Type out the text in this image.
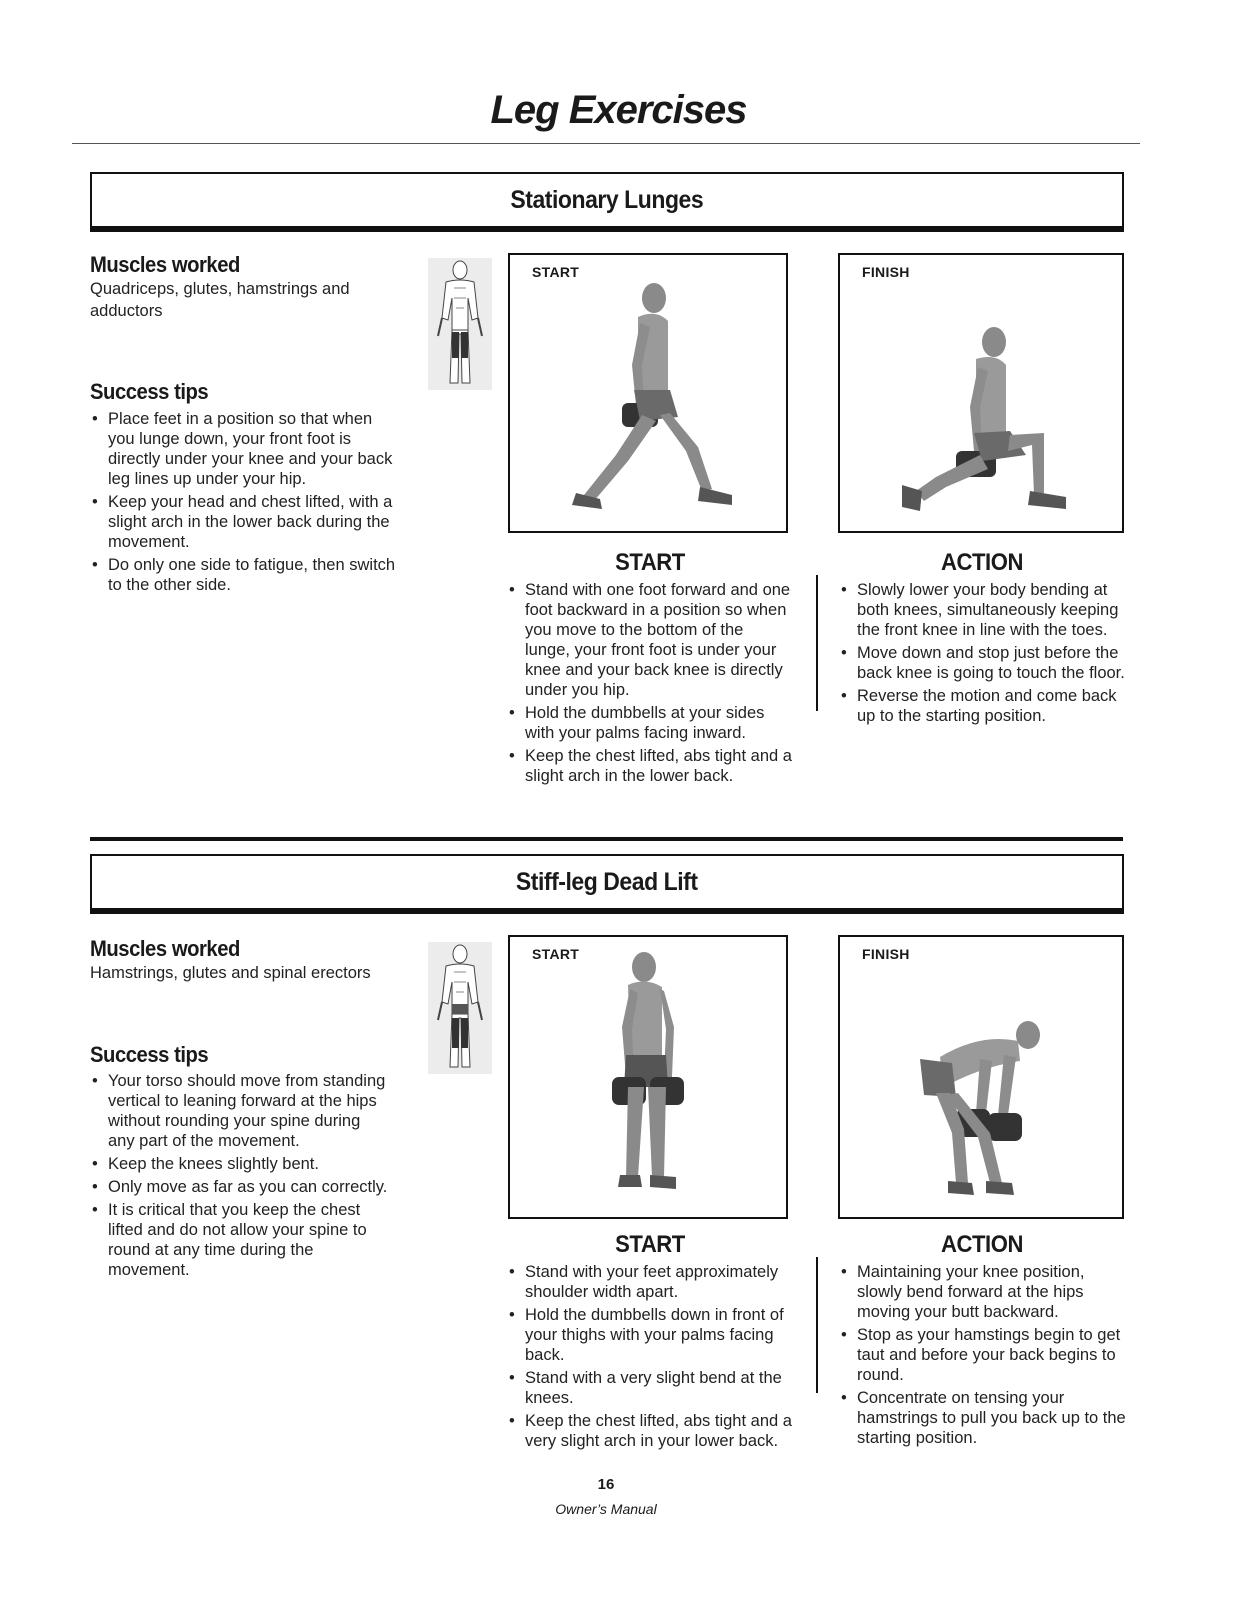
Leg Exercises
Stationary Lunges

Muscles worked

Quadriceps, glutes, hamstrings and adductors

Success tips

• Place feet in a position so that when you lunge down, your front foot is directly under your knee and your back leg lines up under your hip.
• Keep your head and chest lifted, with a slight arch in the lower back during the movement.
• Do only one side to fatigue, then switch to the other side.
START	FINISH

START

• Stand with one foot forward and one foot backward in a position so when you move to the bottom of the lunge, your front foot is under your knee and your back knee is directly under you hip.
• Hold the dumbbells at your sides with your palms facing inward.
• Keep the chest lifted, abs tight and a slight arch in the lower back.

ACTION

• Slowly lower your body bending at both knees, simultaneously keeping the front knee in line with the toes.
• Move down and stop just before the back knee is going to touch the floor.
• Reverse the motion and come back up to the starting position.
Stiff-leg Dead Lift

Muscles worked

Hamstrings, glutes and spinal erectors

Success tips

• Your torso should move from standing vertical to leaning forward at the hips without rounding your spine during any part of the movement.
• Keep the knees slightly bent.
• Only move as far as you can correctly.
• It is critical that you keep the chest lifted and do not allow your spine to round at any time during the movement.
START	FINISH

START

• Stand with your feet approximately shoulder width apart.
• Hold the dumbbells down in front of your thighs with your palms facing back.
• Stand with a very slight bend at the knees.
• Keep the chest lifted, abs tight and a very slight arch in your lower back.

ACTION

• Maintaining your knee position, slowly bend forward at the hips moving your butt backward.
• Stop as your hamstings begin to get taut and before your back begins to round.
• Concentrate on tensing your hamstrings to pull you back up to the starting position.

16

Owner’s Manual
